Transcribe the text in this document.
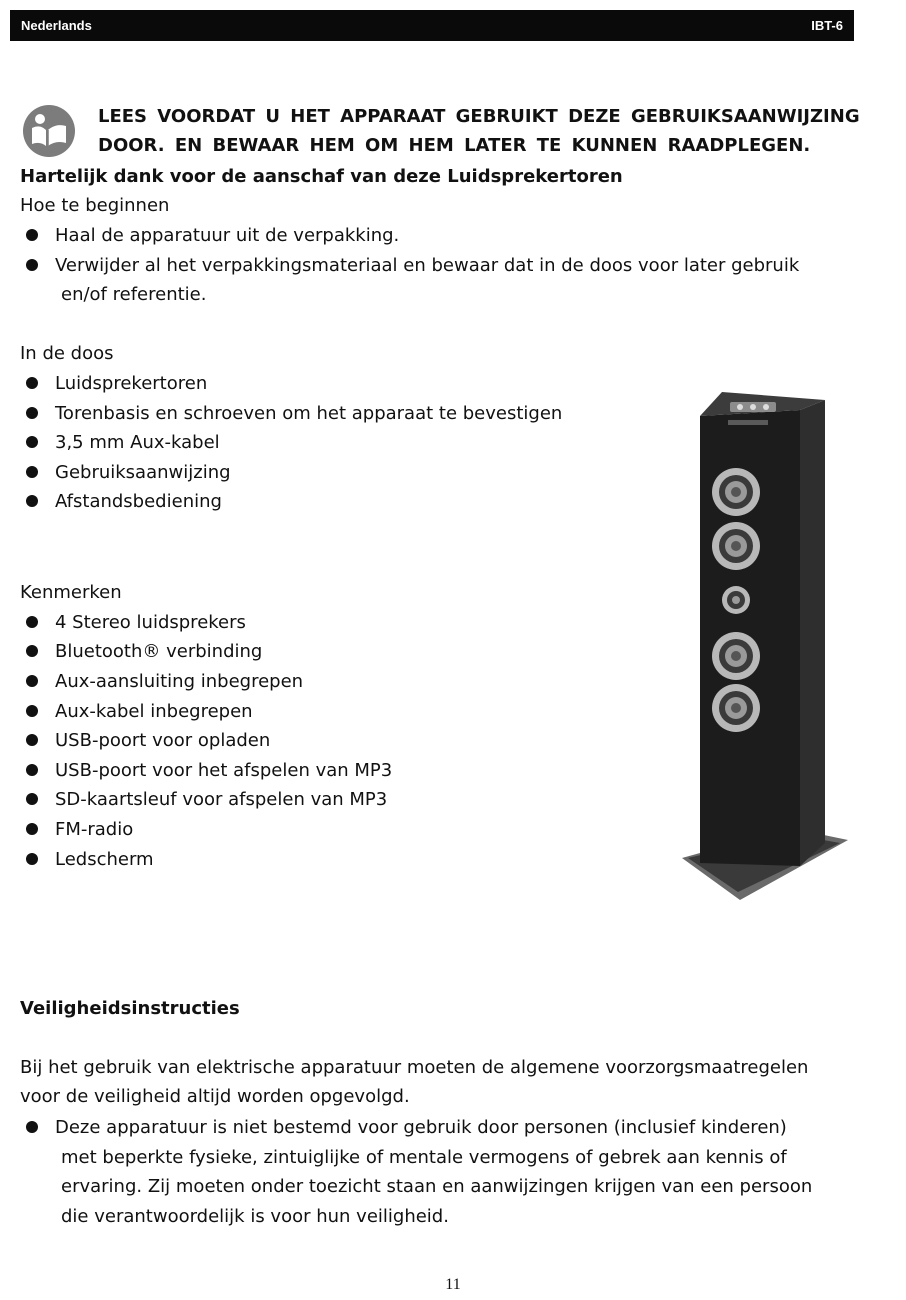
Nederlands	IBT-6
LEES VOORDAT U HET APPARAAT GEBRUIKT DEZE GEBRUIKSAANWIJZING
DOOR. EN BEWAAR HEM OM HEM LATER TE KUNNEN RAADPLEGEN.
Hartelijk dank voor de aanschaf van deze Luidsprekertoren
Hoe te beginnen
Haal de apparatuur uit de verpakking.
Verwijder al het verpakkingsmateriaal en bewaar dat in de doos voor later gebruik
en/of referentie.
In de doos
Luidsprekertoren
Torenbasis en schroeven om het apparaat te bevestigen
3,5 mm Aux-kabel
Gebruiksaanwijzing
Afstandsbediening
Kenmerken
4 Stereo luidsprekers
Bluetooth® verbinding
Aux-aansluiting inbegrepen
Aux-kabel inbegrepen
USB-poort voor opladen
USB-poort voor het afspelen van MP3
SD-kaartsleuf voor afspelen van MP3
FM-radio
Ledscherm
Veiligheidsinstructies
Bij het gebruik van elektrische apparatuur moeten de algemene voorzorgsmaatregelen
voor de veiligheid altijd worden opgevolgd.
Deze apparatuur is niet bestemd voor gebruik door personen (inclusief kinderen)
met beperkte fysieke, zintuiglijke of mentale vermogens of gebrek aan kennis of
ervaring. Zij moeten onder toezicht staan en aanwijzingen krijgen van een persoon
die verantwoordelijk is voor hun veiligheid.
11
